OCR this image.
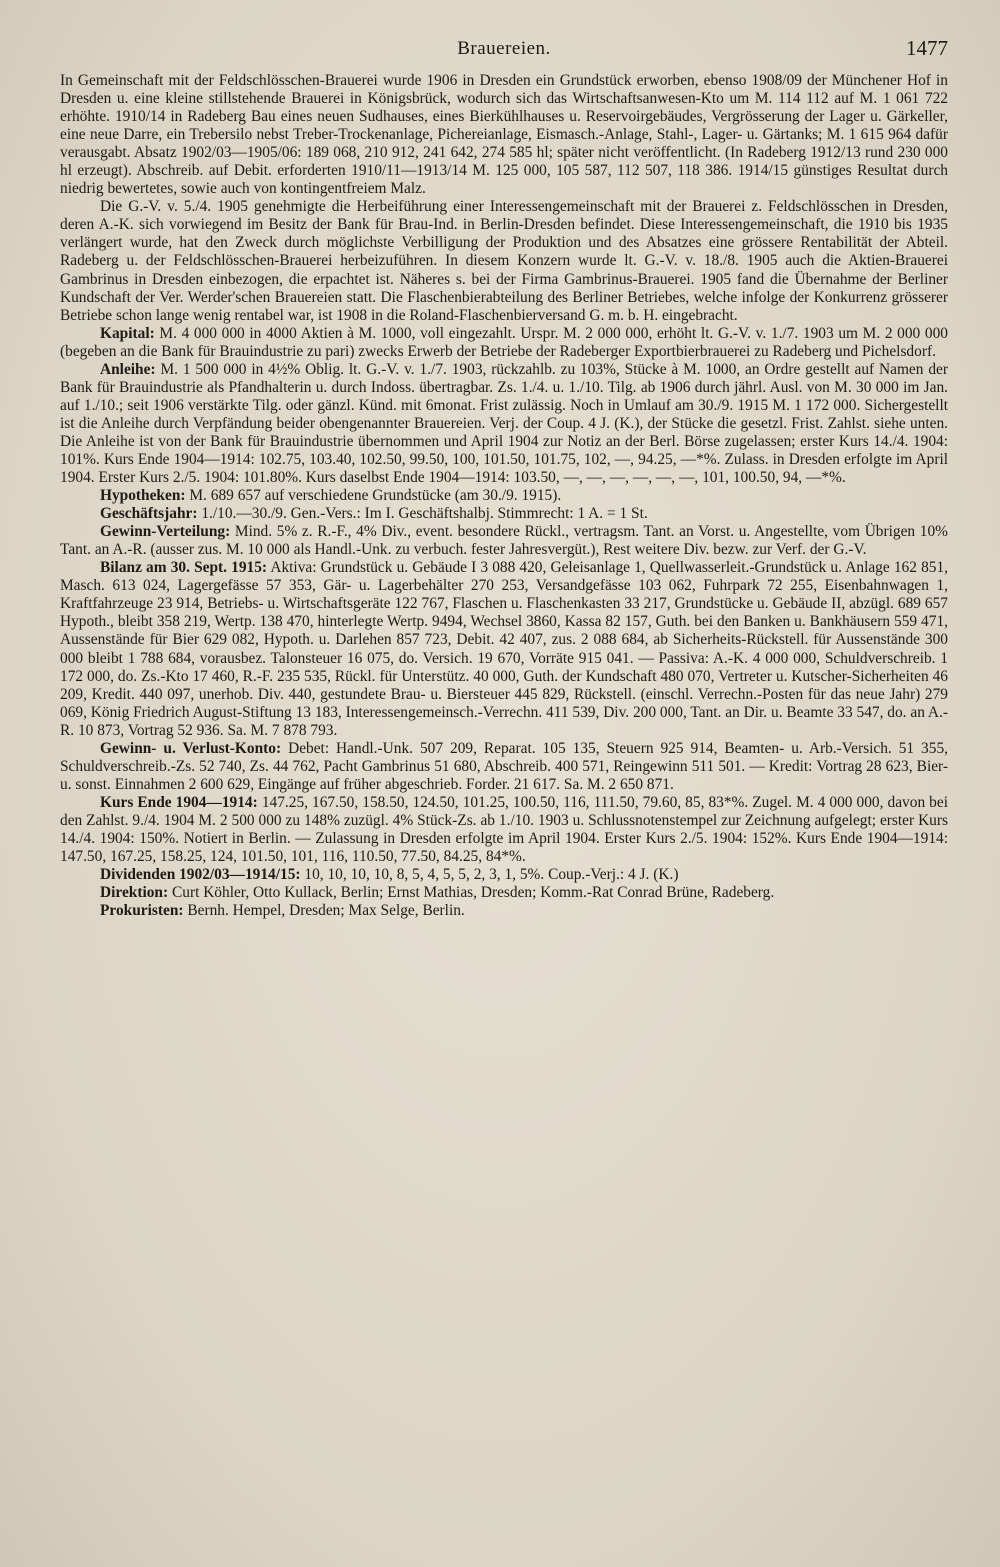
Brauereien.	1477

In Gemeinschaft mit der Feldschlösschen-Brauerei wurde 1906 in Dresden ein Grundstück erworben, ebenso 1908/09 der Münchener Hof in Dresden u. eine kleine stillstehende Brauerei in Königsbrück, wodurch sich das Wirtschaftsanwesen-Kto um M. 114 112 auf M. 1 061 722 erhöhte. 1910/14 in Radeberg Bau eines neuen Sudhauses, eines Bierkühlhauses u. Reservoirgebäudes, Vergrösserung der Lager u. Gärkeller, eine neue Darre, ein Trebersilo nebst Treber-Trockenanlage, Pichereianlage, Eismasch.-Anlage, Stahl-, Lager- u. Gärtanks; M. 1 615 964 dafür verausgabt. Absatz 1902/03—1905/06: 189 068, 210 912, 241 642, 274 585 hl; später nicht veröffentlicht. (In Radeberg 1912/13 rund 230 000 hl erzeugt). Abschreib. auf Debit. erforderten 1910/11—1913/14 M. 125 000, 105 587, 112 507, 118 386. 1914/15 günstiges Resultat durch niedrig bewertetes, sowie auch von kontingentfreiem Malz.

Die G.-V. v. 5./4. 1905 genehmigte die Herbeiführung einer Interessengemeinschaft mit der Brauerei z. Feldschlösschen in Dresden, deren A.-K. sich vorwiegend im Besitz der Bank für Brau-Ind. in Berlin-Dresden befindet. Diese Interessengemeinschaft, die 1910 bis 1935 verlängert wurde, hat den Zweck durch möglichste Verbilligung der Produktion und des Absatzes eine grössere Rentabilität der Abteil. Radeberg u. der Feldschlösschen-Brauerei herbeizuführen. In diesem Konzern wurde lt. G.-V. v. 18./8. 1905 auch die Aktien-Brauerei Gambrinus in Dresden einbezogen, die erpachtet ist. Näheres s. bei der Firma Gambrinus-Brauerei. 1905 fand die Übernahme der Berliner Kundschaft der Ver. Werder'schen Brauereien statt. Die Flaschenbierabteilung des Berliner Betriebes, welche infolge der Konkurrenz grösserer Betriebe schon lange wenig rentabel war, ist 1908 in die Roland-Flaschenbierversand G. m. b. H. eingebracht.

Kapital: M. 4 000 000 in 4000 Aktien à M. 1000, voll eingezahlt. Urspr. M. 2 000 000, erhöht lt. G.-V. v. 1./7. 1903 um M. 2 000 000 (begeben an die Bank für Brauindustrie zu pari) zwecks Erwerb der Betriebe der Radeberger Exportbierbrauerei zu Radeberg und Pichelsdorf.

Anleihe: M. 1 500 000 in 4½% Oblig. lt. G.-V. v. 1./7. 1903, rückzahlb. zu 103%, Stücke à M. 1000, an Ordre gestellt auf Namen der Bank für Brauindustrie als Pfandhalterin u. durch Indoss. übertragbar. Zs. 1./4. u. 1./10. Tilg. ab 1906 durch jährl. Ausl. von M. 30 000 im Jan. auf 1./10.; seit 1906 verstärkte Tilg. oder gänzl. Künd. mit 6monat. Frist zulässig. Noch in Umlauf am 30./9. 1915 M. 1 172 000. Sichergestellt ist die Anleihe durch Verpfändung beider obengenannter Brauereien. Verj. der Coup. 4 J. (K.), der Stücke die gesetzl. Frist. Zahlst. siehe unten. Die Anleihe ist von der Bank für Brauindustrie übernommen und April 1904 zur Notiz an der Berl. Börse zugelassen; erster Kurs 14./4. 1904: 101%. Kurs Ende 1904—1914: 102.75, 103.40, 102.50, 99.50, 100, 101.50, 101.75, 102, —, 94.25, —*%. Zulass. in Dresden erfolgte im April 1904. Erster Kurs 2./5. 1904: 101.80%. Kurs daselbst Ende 1904—1914: 103.50, —, —, —, —, —, —, 101, 100.50, 94, —*%.

Hypotheken: M. 689 657 auf verschiedene Grundstücke (am 30./9. 1915).

Geschäftsjahr: 1./10.—30./9. Gen.-Vers.: Im I. Geschäftshalbj. Stimmrecht: 1 A. = 1 St.

Gewinn-Verteilung: Mind. 5% z. R.-F., 4% Div., event. besondere Rückl., vertragsm. Tant. an Vorst. u. Angestellte, vom Übrigen 10% Tant. an A.-R. (ausser zus. M. 10 000 als Handl.-Unk. zu verbuch. fester Jahresvergüt.), Rest weitere Div. bezw. zur Verf. der G.-V.

Bilanz am 30. Sept. 1915: Aktiva: Grundstück u. Gebäude I 3 088 420, Geleisanlage 1, Quellwasserleit.-Grundstück u. Anlage 162 851, Masch. 613 024, Lagergefässe 57 353, Gär- u. Lagerbehälter 270 253, Versandgefässe 103 062, Fuhrpark 72 255, Eisenbahnwagen 1, Kraftfahrzeuge 23 914, Betriebs- u. Wirtschaftsgeräte 122 767, Flaschen u. Flaschenkasten 33 217, Grundstücke u. Gebäude II, abzügl. 689 657 Hypoth., bleibt 358 219, Wertp. 138 470, hinterlegte Wertp. 9494, Wechsel 3860, Kassa 82 157, Guth. bei den Banken u. Bankhäusern 559 471, Aussenstände für Bier 629 082, Hypoth. u. Darlehen 857 723, Debit. 42 407, zus. 2 088 684, ab Sicherheits-Rückstell. für Aussenstände 300 000 bleibt 1 788 684, vorausbez. Talonsteuer 16 075, do. Versich. 19 670, Vorräte 915 041. — Passiva: A.-K. 4 000 000, Schuldverschreib. 1 172 000, do. Zs.-Kto 17 460, R.-F. 235 535, Rückl. für Unterstütz. 40 000, Guth. der Kundschaft 480 070, Vertreter u. Kutscher-Sicherheiten 46 209, Kredit. 440 097, unerhob. Div. 440, gestundete Brau- u. Biersteuer 445 829, Rückstell. (einschl. Verrechn.-Posten für das neue Jahr) 279 069, König Friedrich August-Stiftung 13 183, Interessengemeinsch.-Verrechn. 411 539, Div. 200 000, Tant. an Dir. u. Beamte 33 547, do. an A.-R. 10 873, Vortrag 52 936. Sa. M. 7 878 793.

Gewinn- u. Verlust-Konto: Debet: Handl.-Unk. 507 209, Reparat. 105 135, Steuern 925 914, Beamten- u. Arb.-Versich. 51 355, Schuldverschreib.-Zs. 52 740, Zs. 44 762, Pacht Gambrinus 51 680, Abschreib. 400 571, Reingewinn 511 501. — Kredit: Vortrag 28 623, Bier- u. sonst. Einnahmen 2 600 629, Eingänge auf früher abgeschrieb. Forder. 21 617. Sa. M. 2 650 871.

Kurs Ende 1904—1914: 147.25, 167.50, 158.50, 124.50, 101.25, 100.50, 116, 111.50, 79.60, 85, 83*%. Zugel. M. 4 000 000, davon bei den Zahlst. 9./4. 1904 M. 2 500 000 zu 148% zuzügl. 4% Stück-Zs. ab 1./10. 1903 u. Schlussnotenstempel zur Zeichnung aufgelegt; erster Kurs 14./4. 1904: 150%. Notiert in Berlin. — Zulassung in Dresden erfolgte im April 1904. Erster Kurs 2./5. 1904: 152%. Kurs Ende 1904—1914: 147.50, 167.25, 158.25, 124, 101.50, 101, 116, 110.50, 77.50, 84.25, 84*%.

Dividenden 1902/03—1914/15: 10, 10, 10, 10, 8, 5, 4, 5, 5, 2, 3, 1, 5%. Coup.-Verj.: 4 J. (K.)

Direktion: Curt Köhler, Otto Kullack, Berlin; Ernst Mathias, Dresden; Komm.-Rat Conrad Brüne, Radeberg.

Prokuristen: Bernh. Hempel, Dresden; Max Selge, Berlin.
